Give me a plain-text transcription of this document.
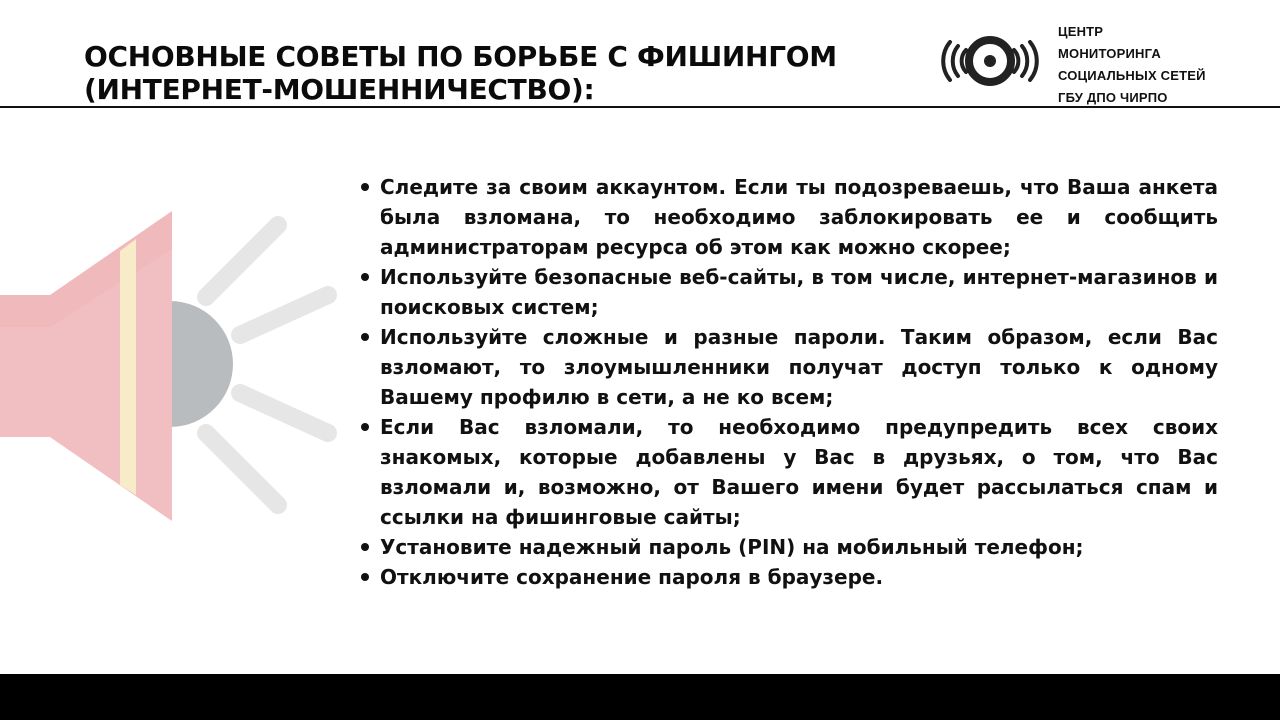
ОСНОВНЫЕ СОВЕТЫ ПО БОРЬБЕ С ФИШИНГОМ
(ИНТЕРНЕТ-МОШЕННИЧЕСТВО):
ЦЕНТР
МОНИТОРИНГА
СОЦИАЛЬНЫХ СЕТЕЙ
ГБУ ДПО ЧИРПО
Следите за своим аккаунтом. Если ты подозреваешь, что Ваша анкета была взломана, то необходимо заблокировать ее и сообщить администраторам ресурса об этом как можно скорее;
Используйте безопасные веб-сайты, в том числе, интернет-магазинов и поисковых систем;
Используйте сложные и разные пароли. Таким образом, если Вас взломают, то злоумышленники получат доступ только к одному Вашему профилю в сети, а не ко всем;
Если Вас взломали, то необходимо предупредить всех своих знакомых, которые добавлены у Вас в друзьях, о том, что Вас взломали и, возможно, от Вашего имени будет рассылаться спам и ссылки на фишинговые сайты;
Установите надежный пароль (PIN) на мобильный телефон;
Отключите сохранение пароля в браузере.
